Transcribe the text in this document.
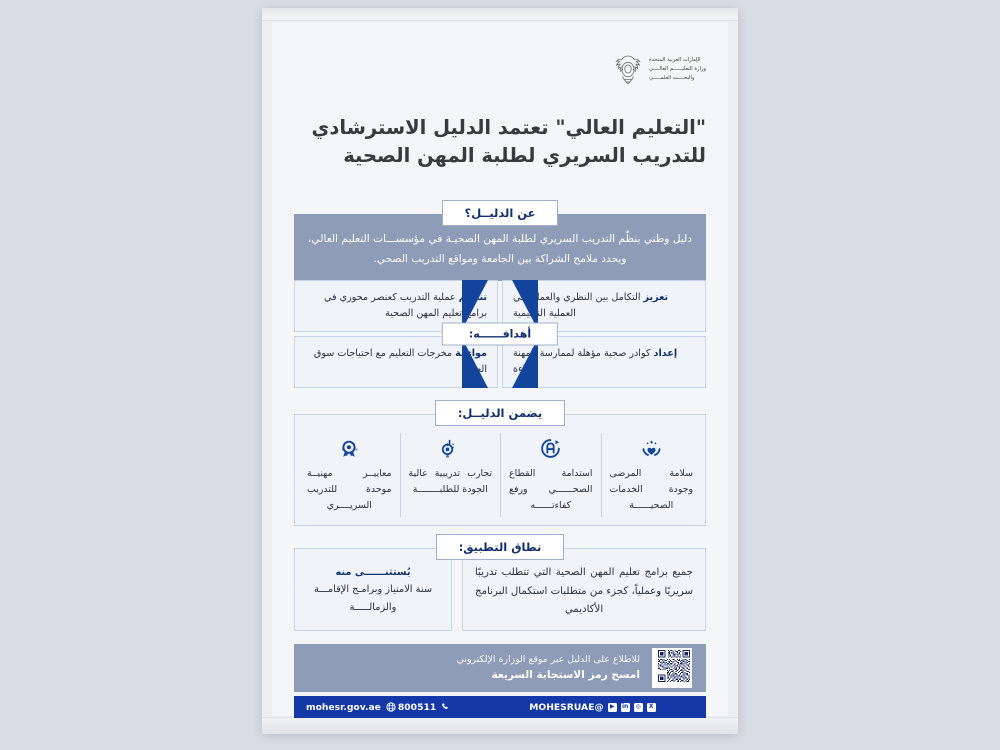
الإمارات العربية المتحدة
وزارة التعليــــــم العالــــي
والبحــــث العلمـــــي
"التعليم العالي" تعتمد الدليل الاسترشادي للتدريب السريري لطلبة المهن الصحية
عن الدليــل؟
دليل وطني ينظّم التدريب السريري لطلبة المهن الصحيـة في مؤسســـات التعليم العالي، ويحدد ملامح الشراكة بين الجامعة ومواقع التدريب الصحي.
تعزيز التكامل بين النظري والعملي في العملية التعليمية
تنظيم عملية التدريب كعنصر محوري في برامج تعليم المهن الصحية
إعداد كوادر صحية مؤهلة لممارسة المهنة بكفاءة
مواءمة مخرجات التعليم مع احتياجات سوق العمل
أهدافــــــه:
يضمن الدليــل:
سلامة المرضى وجودة الخدمات الصحيــــــة
استدامة القطاع الصحــــــي ورفع كفاءتــــــه
تجارب تدريبية عالية الجودة للطلبــــــــة
معاييــر مهنيــة موحدة للتدريب السريــــري
نطاق التطبيق:
جميع برامج تعليم المهن الصحية التي تتطلب تدريبًا سريريًا وعملياً، كجزء من متطلبات استكمال البرنامج الأكاديمي
يُستثنــــــى منه
سنة الامتياز وبرامـج الإقامـــة والزمالـــــة
للاطلاع على الدليل عبر موقع الوزارة الإلكتروني
امسح رمز الاستجابة السريعة
mohesr.gov.ae 800511	X
◎
in
▶
@MOHESRUAE
